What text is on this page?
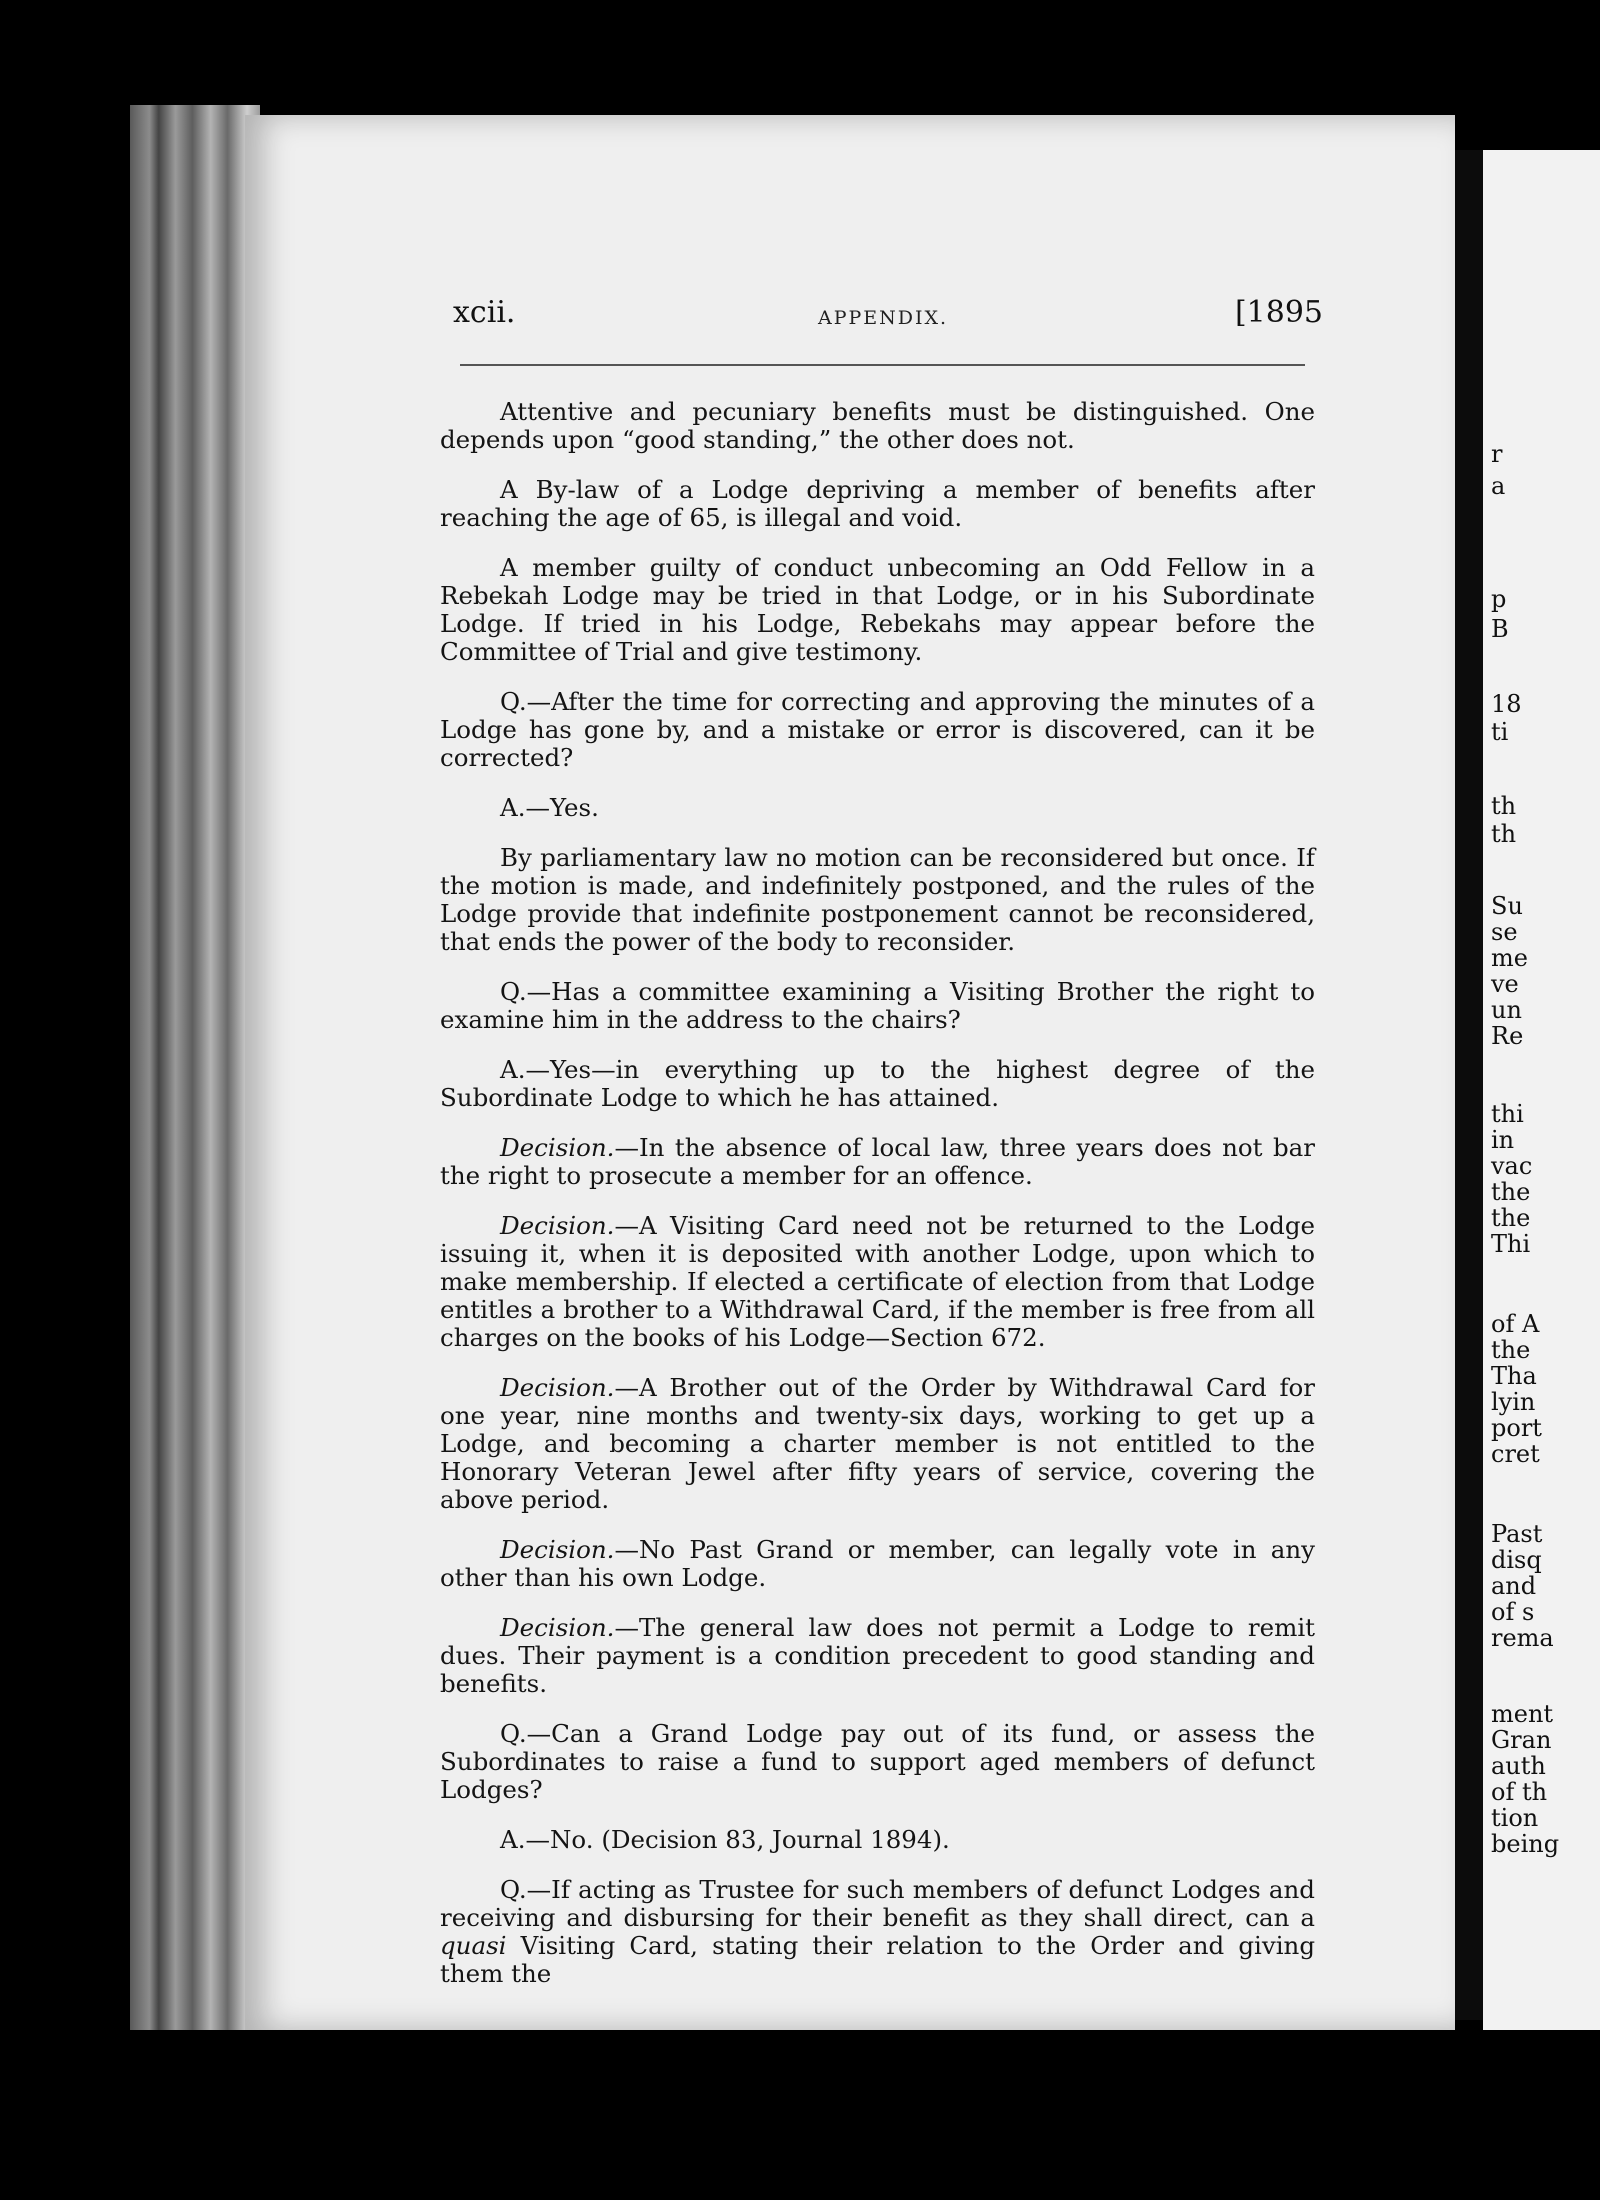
r
a
p
B
18
ti
th
th
Su
se
me
ve
un
Re
thi
in
vac
the
the
Thi
of A
the
Tha
lyin
port
cret
Past
disq
and
of s
rema
ment
Gran
auth
of th
tion
being
xcii.	APPENDIX.	[1895

Attentive and pecuniary benefits must be distinguished. One depends upon “good standing,” the other does not.

A By-law of a Lodge depriving a member of benefits after reaching the age of 65, is illegal and void.

A member guilty of conduct unbecoming an Odd Fellow in a Rebekah Lodge may be tried in that Lodge, or in his Subordinate Lodge. If tried in his Lodge, Rebekahs may appear before the Committee of Trial and give testimony.

Q.—After the time for correcting and approving the minutes of a Lodge has gone by, and a mistake or error is discovered, can it be corrected?

A.—Yes.

By parliamentary law no motion can be reconsidered but once. If the motion is made, and indefinitely postponed, and the rules of the Lodge provide that indefinite postponement cannot be reconsidered, that ends the power of the body to reconsider.

Q.—Has a committee examining a Visiting Brother the right to examine him in the address to the chairs?

A.—Yes—in everything up to the highest degree of the Subordinate Lodge to which he has attained.

Decision.—In the absence of local law, three years does not bar the right to prosecute a member for an offence.

Decision.—A Visiting Card need not be returned to the Lodge issuing it, when it is deposited with another Lodge, upon which to make membership. If elected a certificate of election from that Lodge entitles a brother to a Withdrawal Card, if the member is free from all charges on the books of his Lodge—Section 672.

Decision.—A Brother out of the Order by Withdrawal Card for one year, nine months and twenty-six days, working to get up a Lodge, and becoming a charter member is not entitled to the Honorary Veteran Jewel after fifty years of service, covering the above period.

Decision.—No Past Grand or member, can legally vote in any other than his own Lodge.

Decision.—The general law does not permit a Lodge to remit dues. Their payment is a condition precedent to good standing and benefits.

Q.—Can a Grand Lodge pay out of its fund, or assess the Subordinates to raise a fund to support aged members of defunct Lodges?

A.—No. (Decision 83, Journal 1894).

Q.—If acting as Trustee for such members of defunct Lodges and receiving and disbursing for their benefit as they shall direct, can a quasi Visiting Card, stating their relation to the Order and giving them the
